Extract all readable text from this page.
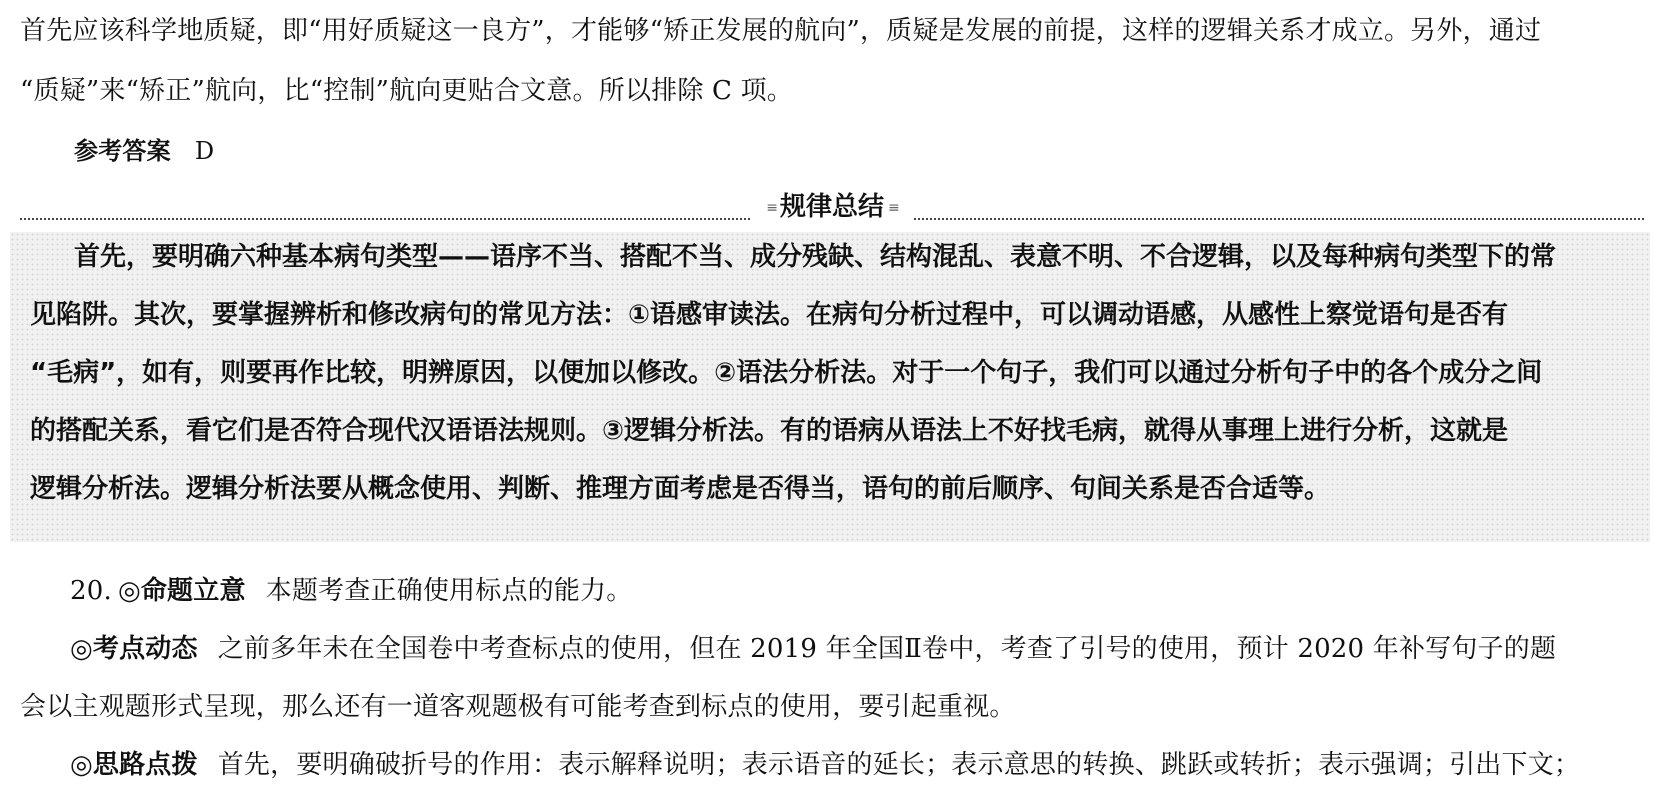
首先应该科学地质疑，即“用好质疑这一良方”，才能够“矫正发展的航向”，质疑是发展的前提，这样的逻辑关系才成立。另外，通过
“质疑”来“矫正”航向，比“控制”航向更贴合文意。所以排除 C 项。
参考答案 D
≡ 规律总结 ≡
首先，要明确六种基本病句类型——语序不当、搭配不当、成分残缺、结构混乱、表意不明、不合逻辑，以及每种病句类型下的常
见陷阱。其次，要掌握辨析和修改病句的常见方法：①语感审读法。在病句分析过程中，可以调动语感，从感性上察觉语句是否有
“毛病”，如有，则要再作比较，明辨原因，以便加以修改。②语法分析法。对于一个句子，我们可以通过分析句子中的各个成分之间
的搭配关系，看它们是否符合现代汉语语法规则。③逻辑分析法。有的语病从语法上不好找毛病，就得从事理上进行分析，这就是
逻辑分析法。逻辑分析法要从概念使用、判断、推理方面考虑是否得当，语句的前后顺序、句间关系是否合适等。
20. ◎命题立意 本题考查正确使用标点的能力。
◎考点动态 之前多年未在全国卷中考查标点的使用，但在 2019 年全国Ⅱ卷中，考查了引号的使用，预计 2020 年补写句子的题
会以主观题形式呈现，那么还有一道客观题极有可能考查到标点的使用，要引起重视。
◎思路点拨 首先，要明确破折号的作用：表示解释说明；表示语音的延长；表示意思的转换、跳跃或转折；表示强调；引出下文；
